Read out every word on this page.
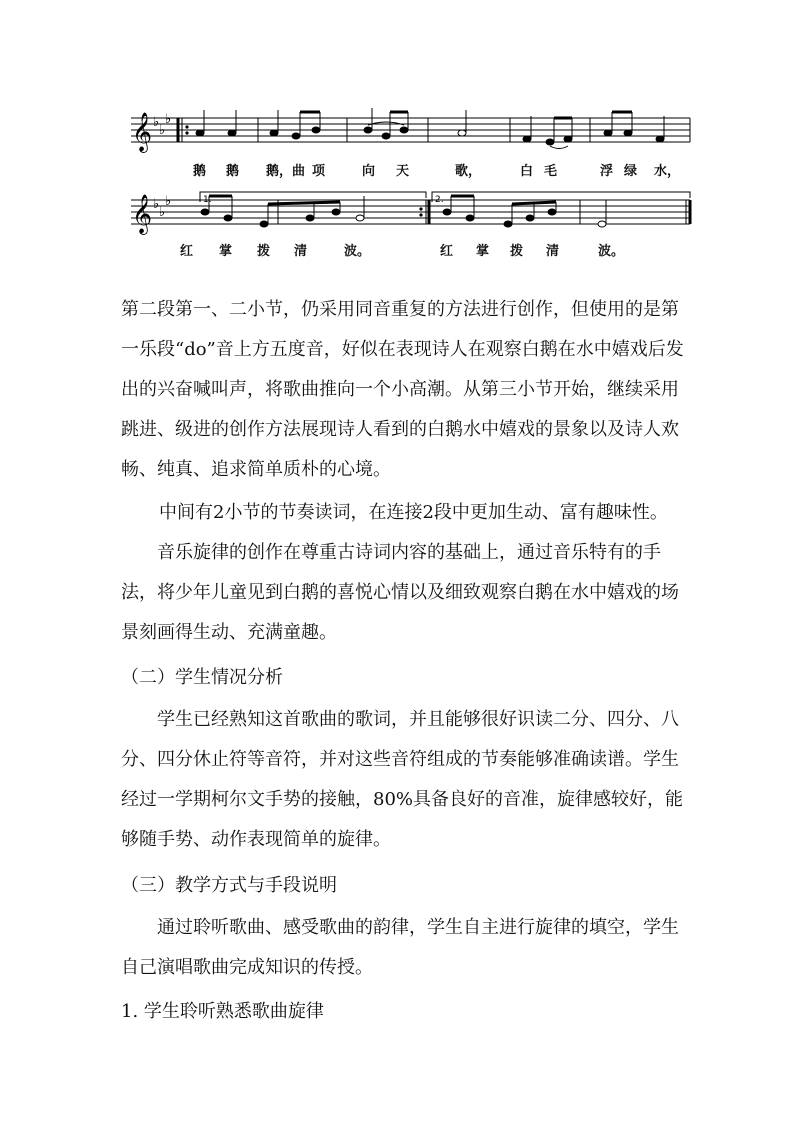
𝄞
𝄞
♭
♭
♭
♭
♭
♭	1.	2.
鹅 鹅 鹅， 曲 项	向 天	歌，	白 毛	浮 绿 水，
红 掌 拨 清	波。	红 掌 拨 清	波。

第二段第一、二小节，仍采用同音重复的方法进行创作，但使用的是第一乐段“do”音上方五度音，好似在表现诗人在观察白鹅在水中嬉戏后发出的兴奋喊叫声，将歌曲推向一个小高潮。从第三小节开始，继续采用跳进、级进的创作方法展现诗人看到的白鹅水中嬉戏的景象以及诗人欢畅、纯真、追求简单质朴的心境。

中间有2小节的节奏读词，在连接2段中更加生动、富有趣味性。

音乐旋律的创作在尊重古诗词内容的基础上，通过音乐特有的手法，将少年儿童见到白鹅的喜悦心情以及细致观察白鹅在水中嬉戏的场景刻画得生动、充满童趣。

（二）学生情况分析

学生已经熟知这首歌曲的歌词，并且能够很好识读二分、四分、八分、四分休止符等音符，并对这些音符组成的节奏能够准确读谱。学生经过一学期柯尔文手势的接触，80%具备良好的音准，旋律感较好，能够随手势、动作表现简单的旋律。

（三）教学方式与手段说明

通过聆听歌曲、感受歌曲的韵律，学生自主进行旋律的填空，学生自己演唱歌曲完成知识的传授。

1. 学生聆听熟悉歌曲旋律
